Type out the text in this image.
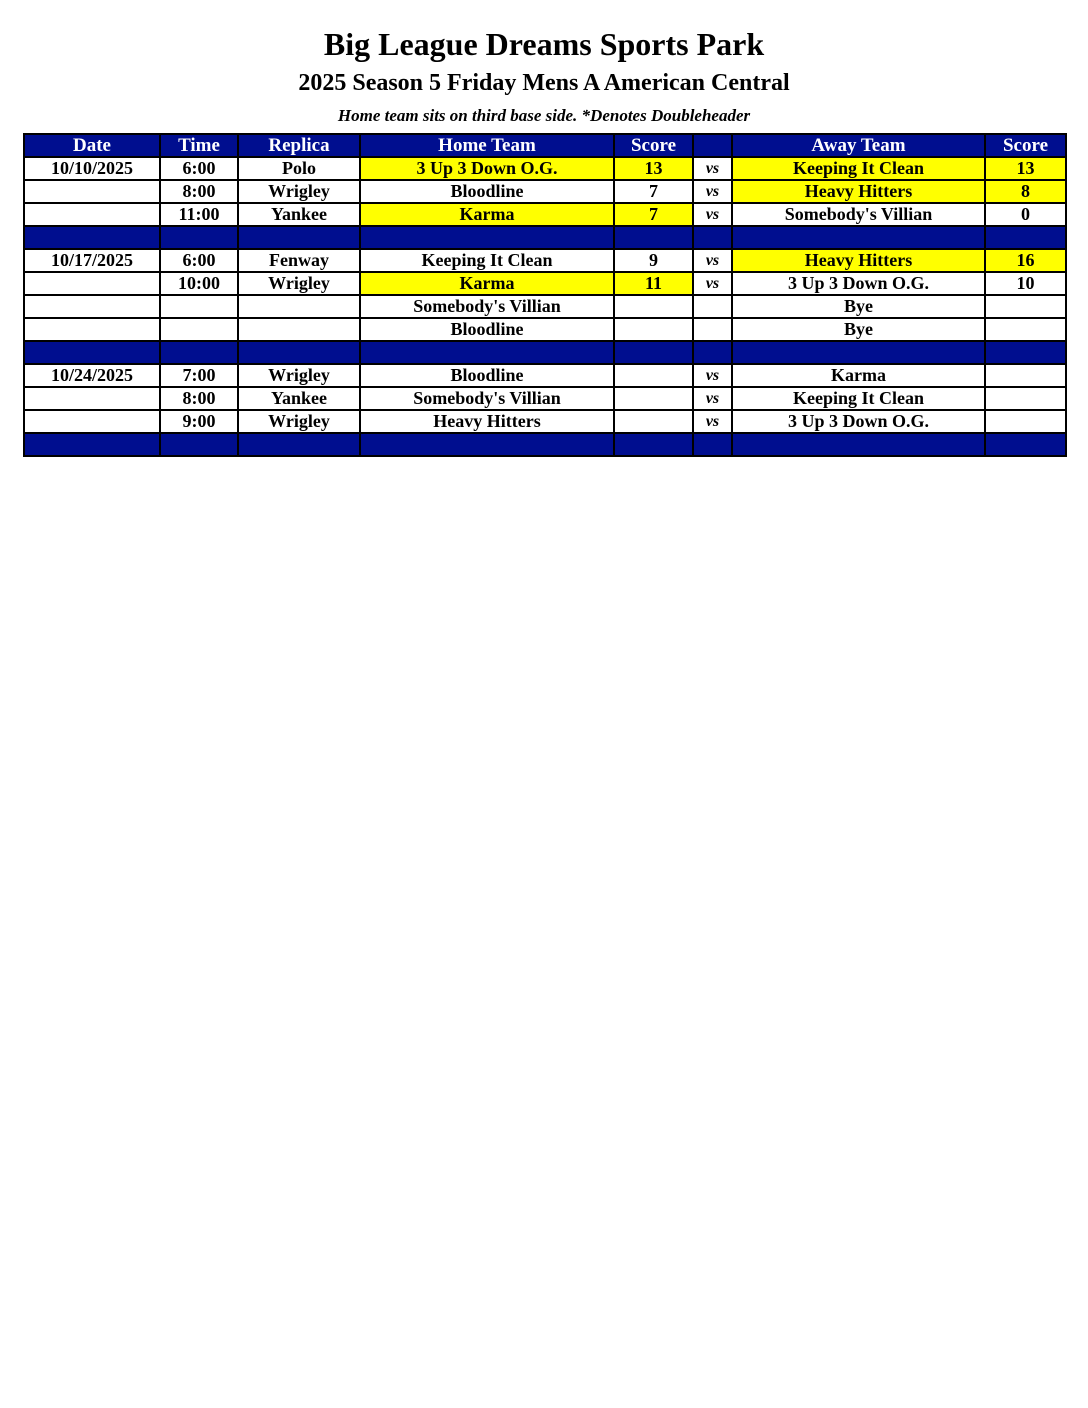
Big League Dreams Sports Park
2025 Season 5 Friday Mens A American Central
Home team sits on third base side. *Denotes Doubleheader
Date	Time	Replica	Home Team	Score		Away Team	Score
10/10/2025	6:00	Polo	3 Up 3 Down O.G.	13	vs	Keeping It Clean	13
	8:00	Wrigley	Bloodline	7	vs	Heavy Hitters	8
	11:00	Yankee	Karma	7	vs	Somebody's Villian	0

10/17/2025	6:00	Fenway	Keeping It Clean	9	vs	Heavy Hitters	16
	10:00	Wrigley	Karma	11	vs	3 Up 3 Down O.G.	10
			Somebody's Villian			Bye	
			Bloodline			Bye	

10/24/2025	7:00	Wrigley	Bloodline		vs	Karma	
	8:00	Yankee	Somebody's Villian		vs	Keeping It Clean	
	9:00	Wrigley	Heavy Hitters		vs	3 Up 3 Down O.G.	
